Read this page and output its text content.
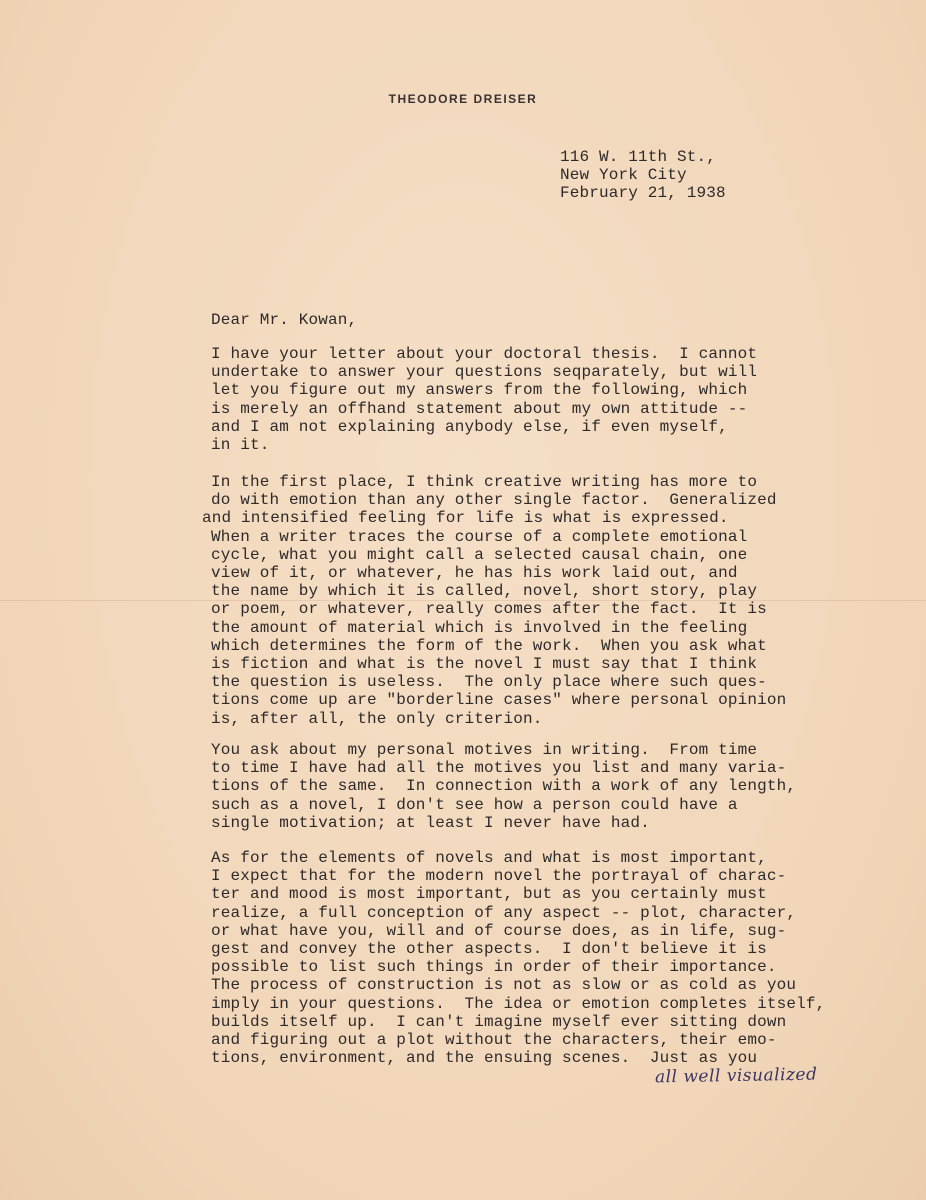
THEODORE DREISER
116 W. 11th St.,
New York City
February 21, 1938
Dear Mr. Kowan,
I have your letter about your doctoral thesis.  I cannot
undertake to answer your questions seqparately, but will
let you figure out my answers from the following, which
is merely an offhand statement about my own attitude --
and I am not explaining anybody else, if even myself,
in it.
In the first place, I think creative writing has more to
do with emotion than any other single factor.  Generalized
and intensified feeling for life is what is expressed.
When a writer traces the course of a complete emotional
cycle, what you might call a selected causal chain, one
view of it, or whatever, he has his work laid out, and
the name by which it is called, novel, short story, play
or poem, or whatever, really comes after the fact.  It is
the amount of material which is involved in the feeling
which determines the form of the work.  When you ask what
is fiction and what is the novel I must say that I think
the question is useless.  The only place where such ques-
tions come up are "borderline cases" where personal opinion
is, after all, the only criterion.
You ask about my personal motives in writing.  From time
to time I have had all the motives you list and many varia-
tions of the same.  In connection with a work of any length,
such as a novel, I don't see how a person could have a
single motivation; at least I never have had.
As for the elements of novels and what is most important,
I expect that for the modern novel the portrayal of charac-
ter and mood is most important, but as you certainly must
realize, a full conception of any aspect -- plot, character,
or what have you, will and of course does, as in life, sug-
gest and convey the other aspects.  I don't believe it is
possible to list such things in order of their importance.
The process of construction is not as slow or as cold as you
imply in your questions.  The idea or emotion completes itself,
builds itself up.  I can't imagine myself ever sitting down
and figuring out a plot without the characters, their emo-
tions, environment, and the ensuing scenes.  Just as you
all well visualized
